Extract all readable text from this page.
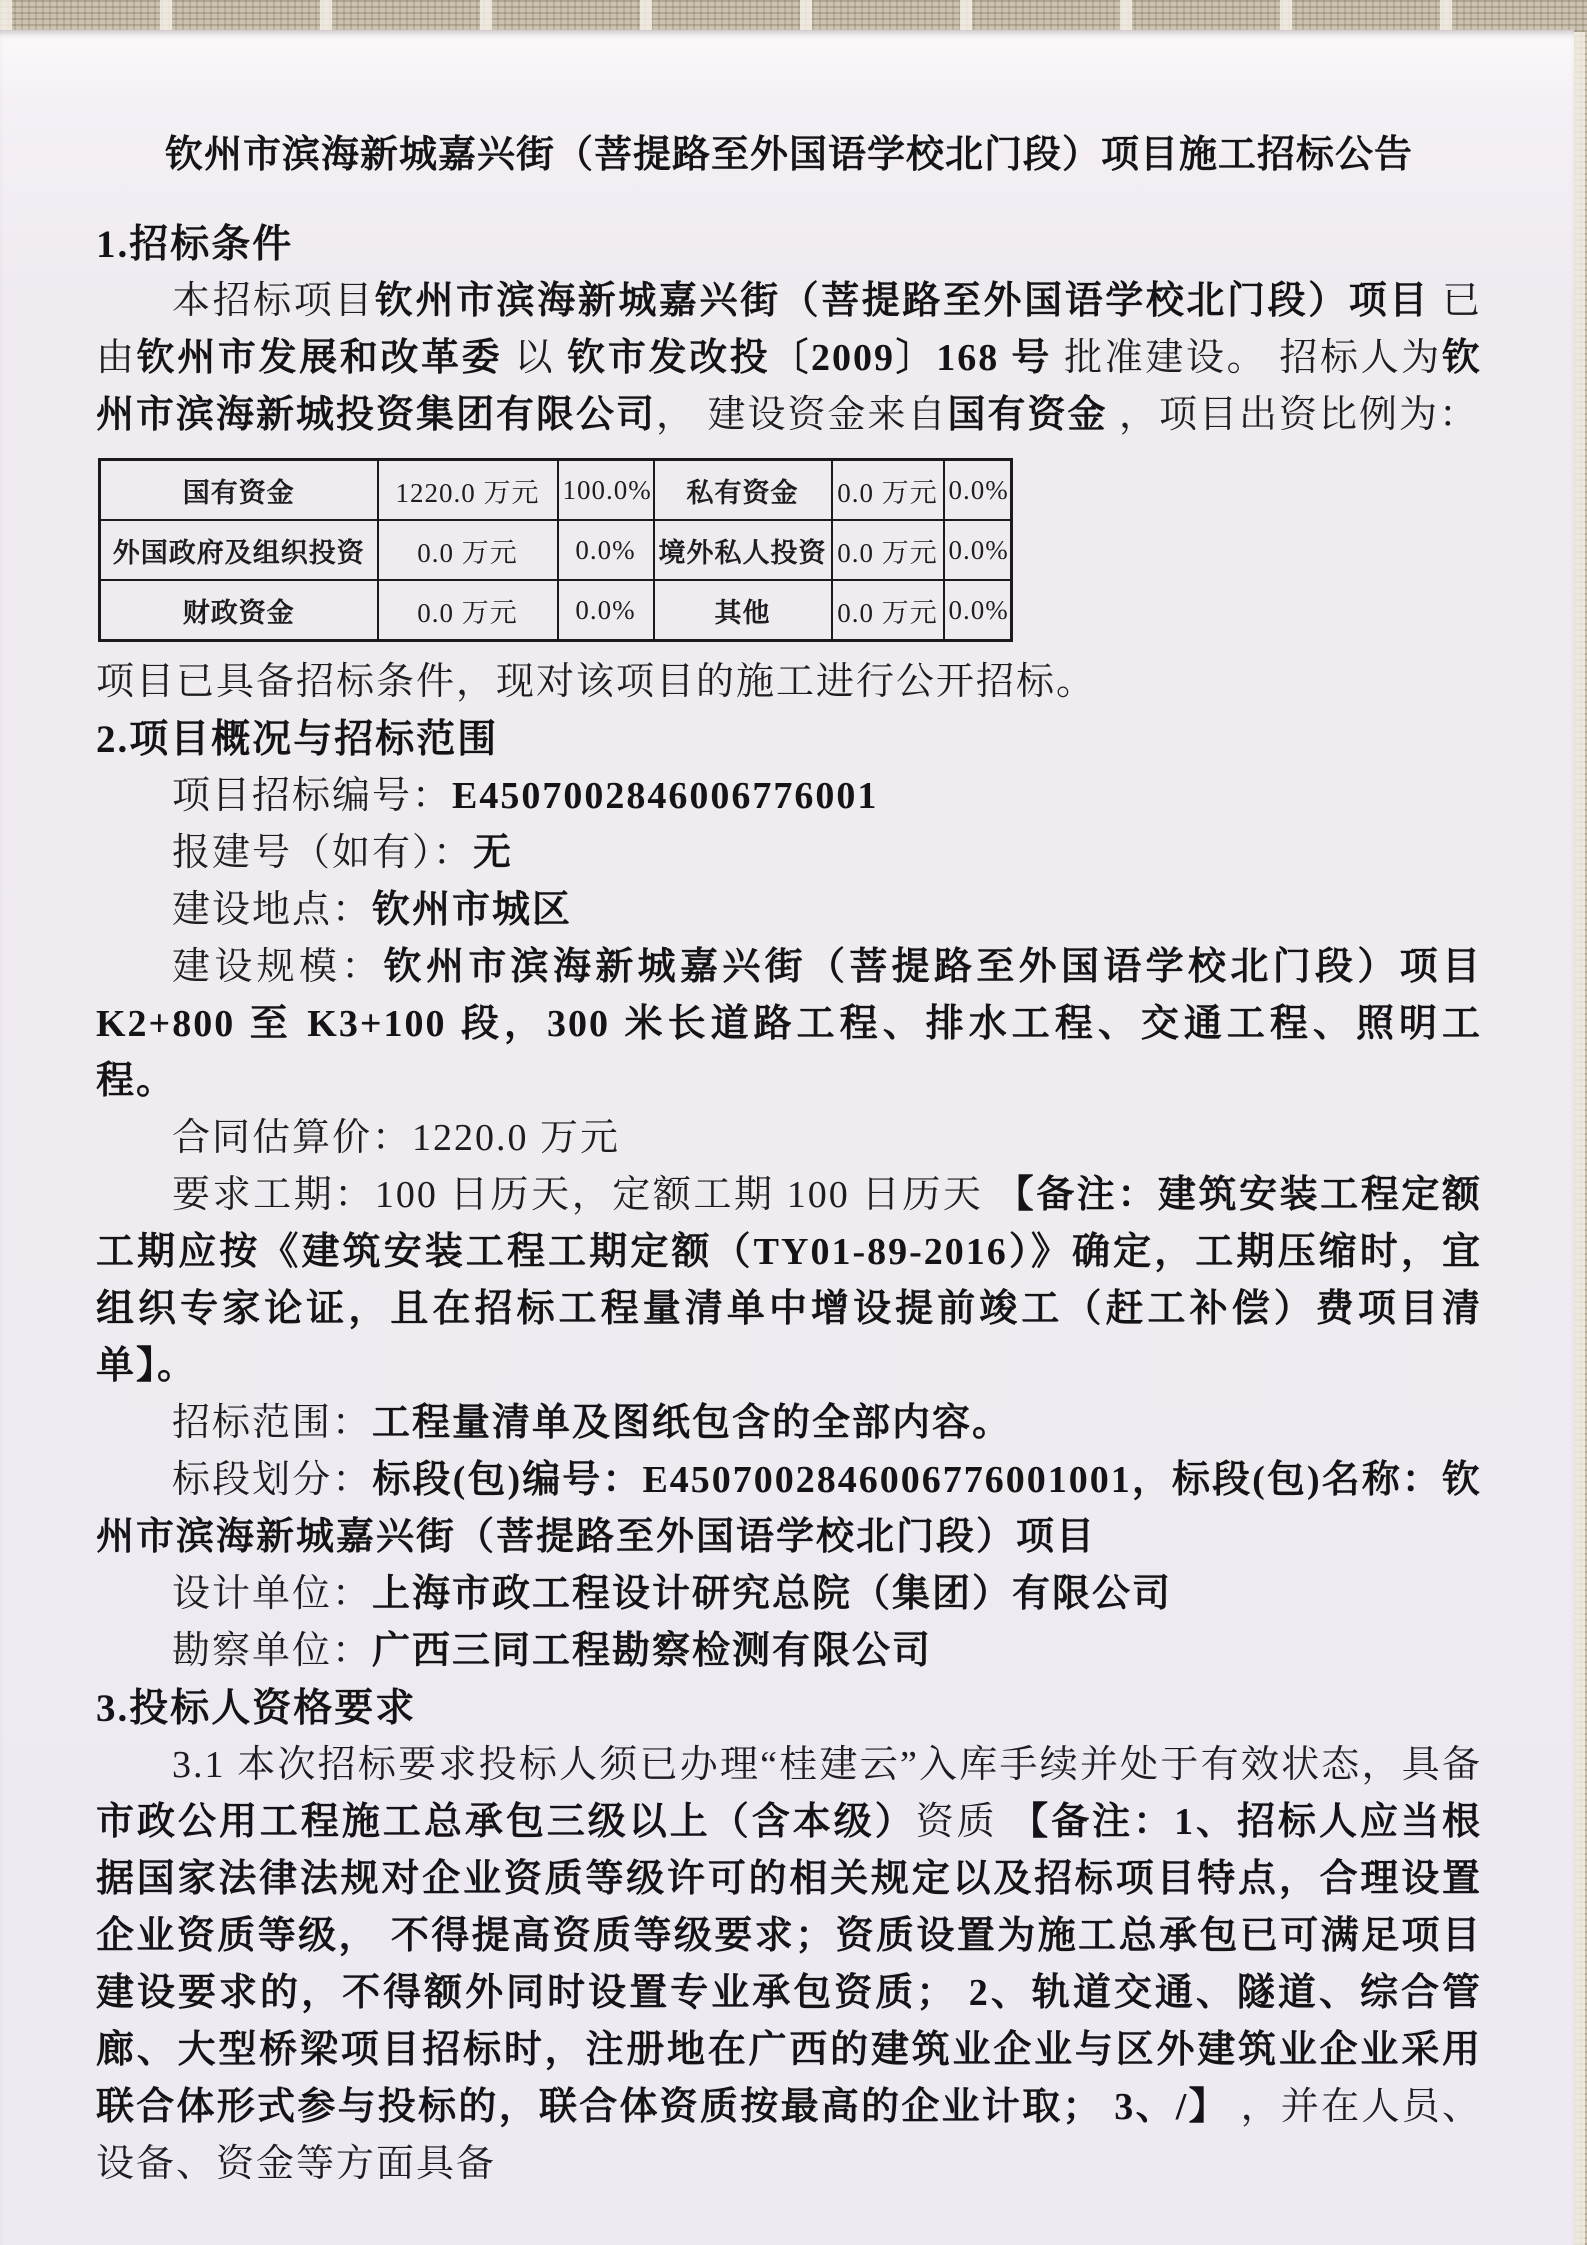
钦州市滨海新城嘉兴街（菩提路至外国语学校北门段）项目施工招标公告
1.招标条件

本招标项目钦州市滨海新城嘉兴街（菩提路至外国语学校北门段）项目 已由钦州市发展和改革委 以 钦市发改投〔2009〕168 号 批准建设。 招标人为钦州市滨海新城投资集团有限公司， 建设资金来自国有资金 ，项目出资比例为：

国有资金	1220.0 万元	100.0%	私有资金	0.0 万元	0.0%
外国政府及组织投资	0.0 万元	0.0%	境外私人投资	0.0 万元	0.0%
财政资金	0.0 万元	0.0%	其他	0.0 万元	0.0%

项目已具备招标条件，现对该项目的施工进行公开招标。

2.项目概况与招标范围

项目招标编号：E4507002846006776001

报建号（如有）：无

建设地点：钦州市城区

建设规模：钦州市滨海新城嘉兴街（菩提路至外国语学校北门段）项目 K2+800 至 K3+100 段，300 米长道路工程、排水工程、交通工程、照明工程。

合同估算价：1220.0 万元

要求工期：100 日历天，定额工期 100 日历天 【备注：建筑安装工程定额工期应按《建筑安装工程工期定额（TY01-89-2016）》确定，工期压缩时，宜组织专家论证，且在招标工程量清单中增设提前竣工（赶工补偿）费项目清单】。

招标范围：工程量清单及图纸包含的全部内容。

标段划分：标段(包)编号：E4507002846006776001001，标段(包)名称：钦州市滨海新城嘉兴街（菩提路至外国语学校北门段）项目

设计单位：上海市政工程设计研究总院（集团）有限公司

勘察单位：广西三同工程勘察检测有限公司

3.投标人资格要求

3.1 本次招标要求投标人须已办理“桂建云”入库手续并处于有效状态，具备市政公用工程施工总承包三级以上（含本级）资质 【备注：1、招标人应当根据国家法律法规对企业资质等级许可的相关规定以及招标项目特点，合理设置企业资质等级， 不得提高资质等级要求；资质设置为施工总承包已可满足项目建设要求的，不得额外同时设置专业承包资质； 2、轨道交通、隧道、综合管廊、大型桥梁项目招标时，注册地在广西的建筑业企业与区外建筑业企业采用联合体形式参与投标的，联合体资质按最高的企业计取； 3、/】 ，并在人员、设备、资金等方面具备
